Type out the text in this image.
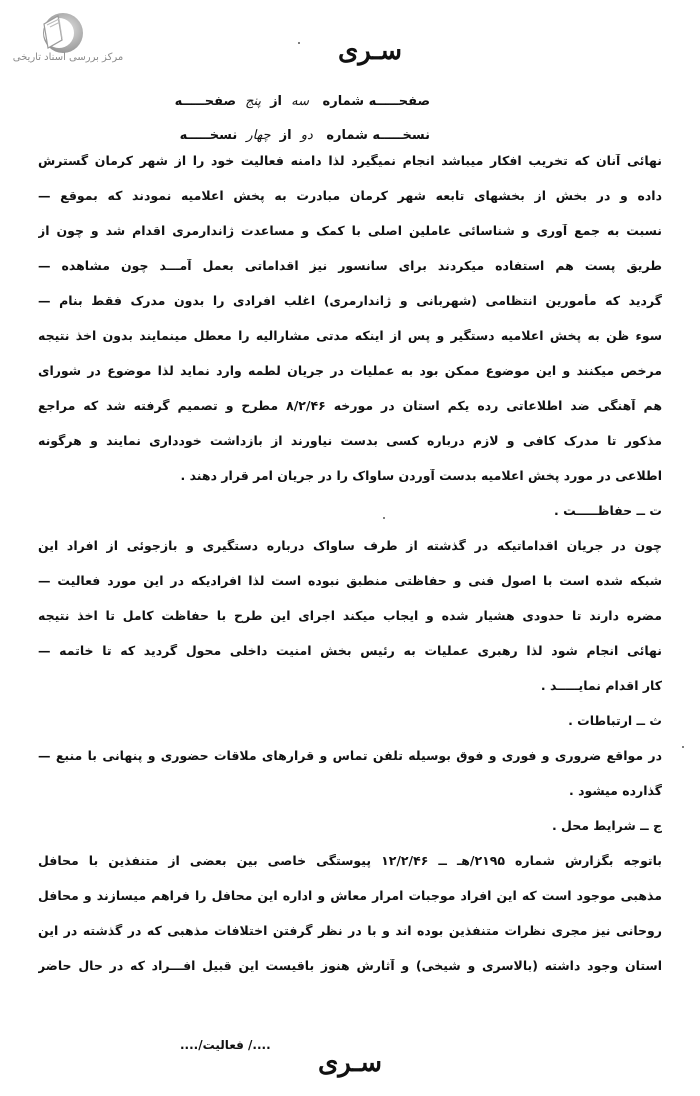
مرکز بررسی اسناد تاریخی	سـری
صفحـــــه شماره   سه  از  پنج  صفحـــــه
نسخـــــه شماره   دو  از  چهار  نسخـــــه
نهائی آنان که تخریب افکار میباشد انجام نمیگیرد لذا دامنه فعالیت خود را از شهر کرمان گسترش
داده و در بخش از بخشهای تابعه شهر کرمان مبادرت به پخش اعلامیه نمودند که بموقع —
نسبت به جمع آوری و شناسائی عاملین اصلی با کمک و مساعدت ژاندارمری اقدام شد و چون از
طریق پست هم استفاده میکردند برای سانسور نیز اقداماتی بعمل آمـــد چون مشاهده —
گردید که مأمورین انتظامی (شهربانی و ژاندارمری) اغلب افرادی را بدون مدرک فقط بنام —
سوء ظن به پخش اعلامیه دستگیر و پس از اینکه مدتی مشارالیه را معطل مینمایند بدون اخذ نتیجه
مرخص میکنند و این موضوع ممکن بود به عملیات در جریان لطمه وارد نماید لذا موضوع در شورای
هم آهنگی ضد اطلاعاتی رده یکم استان در مورخه ۸/۲/۴۶ مطرح و تصمیم گرفته شد که مراجع
مذکور تا مدرک کافی و لازم درباره کسی بدست نیاورند از بازداشت خودداری نمایند و هرگونه
اطلاعی در مورد پخش اعلامیه بدست آوردن ساواک را در جریان امر قرار دهند .
ت ــ حفاظـــــت .
چون در جریان اقداماتیکه در گذشته از طرف ساواک درباره دستگیری و بازجوئی از افراد این
شبکه شده است با اصول فنی و حفاظتی منطبق نبوده است لذا افرادیکه در این مورد فعالیت —
مضره دارند تا حدودی هشیار شده و ایجاب میکند اجرای این طرح با حفاظت کامل تا اخذ نتیجه
نهائی انجام شود لذا رهبری عملیات به رئیس بخش امنیت داخلی محول گردید که تا خاتمه —
کار اقدام نمایـــــد .
ث ــ ارتباطات .
در مواقع ضروری و فوری و فوق بوسیله تلفن تماس و قرارهای ملاقات حضوری و پنهانی با منبع —
گذارده میشود .
ج ــ شرایط محل .
باتوجه بگزارش شماره ۲۱۹۵/هـ ــ ۱۲/۲/۴۶ پیوستگی خاصی بین بعضی از متنفذین با محافل
مذهبی موجود است که این افراد موجبات امرار معاش و اداره این محافل را فراهم میسازند و محافل
روحانی نیز مجری نظرات متنفذین بوده اند و با در نظر گرفتن اختلافات مذهبی که در گذشته در این
استان وجود داشته (بالاسری و شیخی) و آثارش هنوز باقیست این قبیل افـــراد که در حال حاضر
..../ فعالیت/....
سـری
